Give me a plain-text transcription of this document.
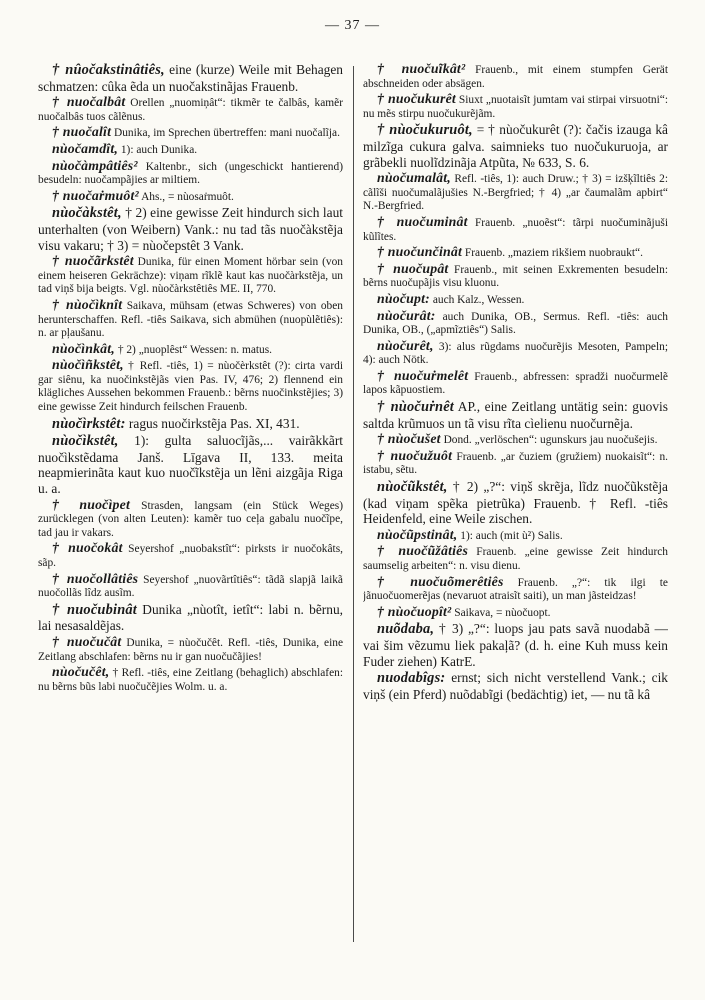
— 37 —

† nûočakstinâtiês, eine (kurze) Weile mit Behagen schmatzen: cûka ẽda un nuočakstinãjas Frauenb.

† nuočalbât Orellen „nuomiņât“: tikmẽr te čalbâs, kamẽr nuočalbâs tuos cãlẽnus.

† nuočalît Dunika, im Sprechen übertreffen: mani nuočalĩja.

nùočamdît, 1): auch Dunika.

nùočàmpâtiês² Kaltenbr., sich (ungeschickt hantierend) besudeln: nuočampãjies ar miltiem.

† nuočaṙmuôt² Ahs., = nùosaṙmuôt.

nùočàkstêt, † 2) eine gewisse Zeit hindurch sich laut unterhalten (von Weibern) Vank.: nu tad tãs nuočàkstẽja visu vakaru; † 3) = nùočepstêt 3 Vank.

† nuočãrkstêt Dunika, für einen Moment hörbar sein (von einem heiseren Gekrächze): viņam rĩklẽ kaut kas nuočàrkstẽja, un tad viņš bija beigts. Vgl. nùočàrkstêtiês ME. II, 770.

† nùočìknît Saikava, mühsam (etwas Schweres) von oben herunterschaffen. Refl. -tiês Saikava, sich abmühen (nuopùlẽtiês): n. ar pļaušanu.

nùočìnkât, † 2) „nuoplêst“ Wessen: n. matus.

nùočìñkstêt, † Refl. -tiês, 1) = nùočèrkstêt (?): cirta vardi gar siênu, ka nuočinkstẽjãs vien Pas. IV, 476; 2) flennend ein klägliches Aussehen bekommen Frauenb.: bẽrns nuočinkstẽjies; 3) eine gewisse Zeit hindurch feilschen Frauenb.

nùočìrkstêt: ragus nuočirkstẽja Pas. XI, 431.

nùočìkstêt, 1): gulta saluocĩjãs,... vairãkkãrt nuočìkstẽdama Janš. Līgava II, 133. meita neapmierinãta kaut kuo nuočĩkstẽja un lẽni aizgãja Riga u. a.

† nuočìpet Strasden, langsam (ein Stück Weges) zurücklegen (von alten Leuten): kamẽr tuo ceļa gabalu nuočĩpe, tad jau ir vakars.

† nuočokât Seyershof „nuobakstît“: pirksts ir nuočokâts, sãp.

† nuočollâtiês Seyershof „nuovãrtîtiês“: tãdã slapjã laikã nuočollãs lîdz ausĩm.

† nuočubinât Dunika „nùotît, ietît“: labi n. bẽrnu, lai nesasaldẽjas.

† nuočučât Dunika, = nùočučêt. Refl. -tiês, Dunika, eine Zeitlang abschlafen: bẽrns nu ir gan nuočučãjies!

nùočučêt, † Refl. -tiês, eine Zeitlang (behaglich) abschlafen: nu bẽrns bũs labi nuočučẽjies Wolm. u. a.

† nuočuĩkât² Frauenb., mit einem stumpfen Gerät abschneiden oder absägen.

† nuočukurêt Siuxt „nuotaisĩt jumtam vai stirpai virsuotni“: nu mẽs stirpu nuočukurẽjãm.

† nùočukuruôt, = † nùočukurêt (?): čačis izauga kâ milzĩga cukura galva. saimnieks tuo nuočukuruoja, ar grãbekli nuolĩdzinãja Atpũta, № 633, S. 6.

nùočumalât, Refl. -tiês, 1): auch Druw.; † 3) = izšķĩltiês 2: cãlĩši nuočumalãjušies N.-Bergfried; † 4) „ar čaumalãm apbirt“ N.-Bergfried.

† nuočuminât Frauenb. „nuoẽst“: tãrpi nuočuminãjuši kũlĩtes.

† nuočunčinât Frauenb. „maziem rikšiem nuobraukt“.

† nuočupât Frauenb., mit seinen Exkrementen besudeln: bẽrns nuočupãjis visu kluonu.

nùočupt: auch Kalz., Wessen.

nùočurât: auch Dunika, OB., Sermus. Refl. -tiês: auch Dunika, OB., („apmĩztiês“) Salis.

nùočurêt, 3): alus rũgdams nuočurẽjis Mesoten, Pampeln; 4): auch Nötk.

† nuočuṙmelêt Frauenb., abfressen: spradži nuočurmelẽ lapos kãpuostiem.

† nùočuṙnêt AP., eine Zeitlang untätig sein: guovis saltda krũmuos un tã visu rĩta cìelienu nuočurnẽja.

† nùočušet Dond. „verlöschen“: ugunskurs jau nuočušejis.

† nuočužuôt Frauenb. „ar čuziem (gružiem) nuokaisĩt“: n. istabu, sẽtu.

nùočũkstêt, † 2) „?“: viņš skrẽja, lĩdz nuočũkstẽja (kad viņam spẽka pietrũka) Frauenb. † Refl. -tiês Heidenfeld, eine Weile zischen.

nùočũpstinât, 1): auch (mit ù²) Salis.

† nuočũžâtiês Frauenb. „eine gewisse Zeit hindurch saumselig arbeiten“: n. visu dienu.

† nuočuõmerêtiês Frauenb. „?“: tik ilgi te jãnuočuomerẽjas (nevaruot atraisĩt saiti), un man jãsteidzas!

† nùočuopît² Saikava, = nùočuopt.

nuõdaba, † 3) „?“: luops jau pats savã nuodabã — vai šim vẽzumu liek pakaļã? (d. h. eine Kuh muss kein Fuder ziehen) KatrE.

nuodabîgs: ernst; sich nicht verstellend Vank.; cik viņš (ein Pferd) nuõdabĩgi (bedächtig) iet, — nu tã kâ
